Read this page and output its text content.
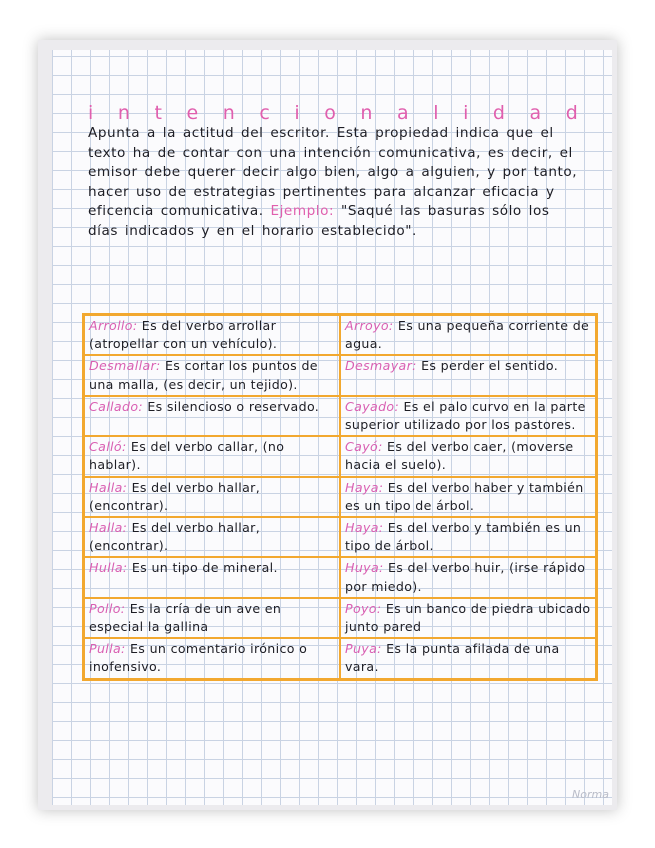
i n t e n c i o n a l i d a d
Apunta a la actitud del escritor. Esta propiedad indica que el texto ha de contar con una intención comunicativa, es decir, el emisor debe querer decir algo bien, algo a alguien, y por tanto, hacer uso de estrategias pertinentes para alcanzar eficacia y eficencia comunicativa. Ejemplo: "Saqué las basuras sólo los días indicados y en el horario establecido".
Arrollo: Es del verbo arrollar (atropellar con un vehículo).	Arroyo: Es una pequeña corriente de agua.
Desmallar: Es cortar los puntos de una malla, (es decir, un tejido).	Desmayar: Es perder el sentido.
Callado: Es silencioso o reservado.	Cayado: Es el palo curvo en la parte superior utilizado por los pastores.
Calló: Es del verbo callar, (no hablar).	Cayó: Es del verbo caer, (moverse hacia el suelo).
Halla: Es del verbo hallar, (encontrar).	Haya: Es del verbo haber y también es un tipo de árbol.
Halla: Es del verbo hallar, (encontrar).	Haya: Es del verbo y también es un tipo de árbol.
Hulla: Es un tipo de mineral.	Huya: Es del verbo huir, (irse rápido por miedo).
Pollo: Es la cría de un ave en especial la gallina	Poyo: Es un banco de piedra ubicado junto pared
Pulla: Es un comentario irónico o inofensivo.	Puya: Es la punta afilada de una vara.
Norma
